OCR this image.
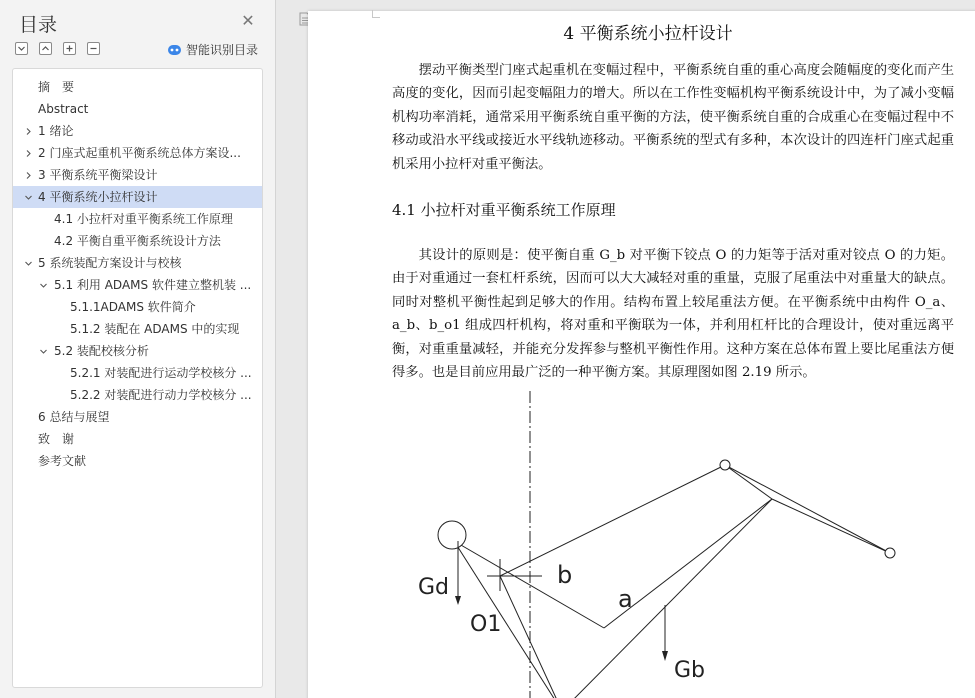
目录	✕
智能识别目录
摘　要
Abstract
1 绪论
2 门座式起重机平衡系统总体方案设...
3 平衡系统平衡梁设计
4 平衡系统小拉杆设计
4.1 小拉杆对重平衡系统工作原理
4.2 平衡自重平衡系统设计方法
5 系统装配方案设计与校核
5.1 利用 ADAMS 软件建立整机装 ...
5.1.1ADAMS 软件简介
5.1.2 装配在 ADAMS 中的实现
5.2 装配校核分析
5.2.1 对装配进行运动学校核分 ...
5.2.2 对装配进行动力学校核分 ...
6 总结与展望
致　谢
参考文献
4 平衡系统小拉杆设计
摆动平衡类型门座式起重机在变幅过程中，平衡系统自重的重心高度会随幅度的变化而产生高度的变化，因而引起变幅阻力的增大。所以在工作性变幅机构平衡系统设计中，为了减小变幅机构功率消耗，通常采用平衡系统自重平衡的方法，使平衡系统自重的合成重心在变幅过程中不移动或沿水平线或接近水平线轨迹移动。平衡系统的型式有多种，本次设计的四连杆门座式起重机采用小拉杆对重平衡法。
4.1 小拉杆对重平衡系统工作原理
其设计的原则是：使平衡自重 G_b 对平衡下铰点 O 的力矩等于活对重对铰点 O 的力矩。由于对重通过一套杠杆系统，因而可以大大减轻对重的重量，克服了尾重法中对重量大的缺点。同时对整机平衡性起到足够大的作用。结构布置上较尾重法方便。在平衡系统中由构件 O_a、a_b、b_o1 组成四杆机构，将对重和平衡联为一体，并利用杠杆比的合理设计，使对重远离平衡，对重重量减轻，并能充分发挥参与整机平衡性作用。这种方案在总体布置上要比尾重法方便得多。也是目前应用最广泛的一种平衡方案。其原理图如图 2.19 所示。
Gd	b
a
O1
Gb
